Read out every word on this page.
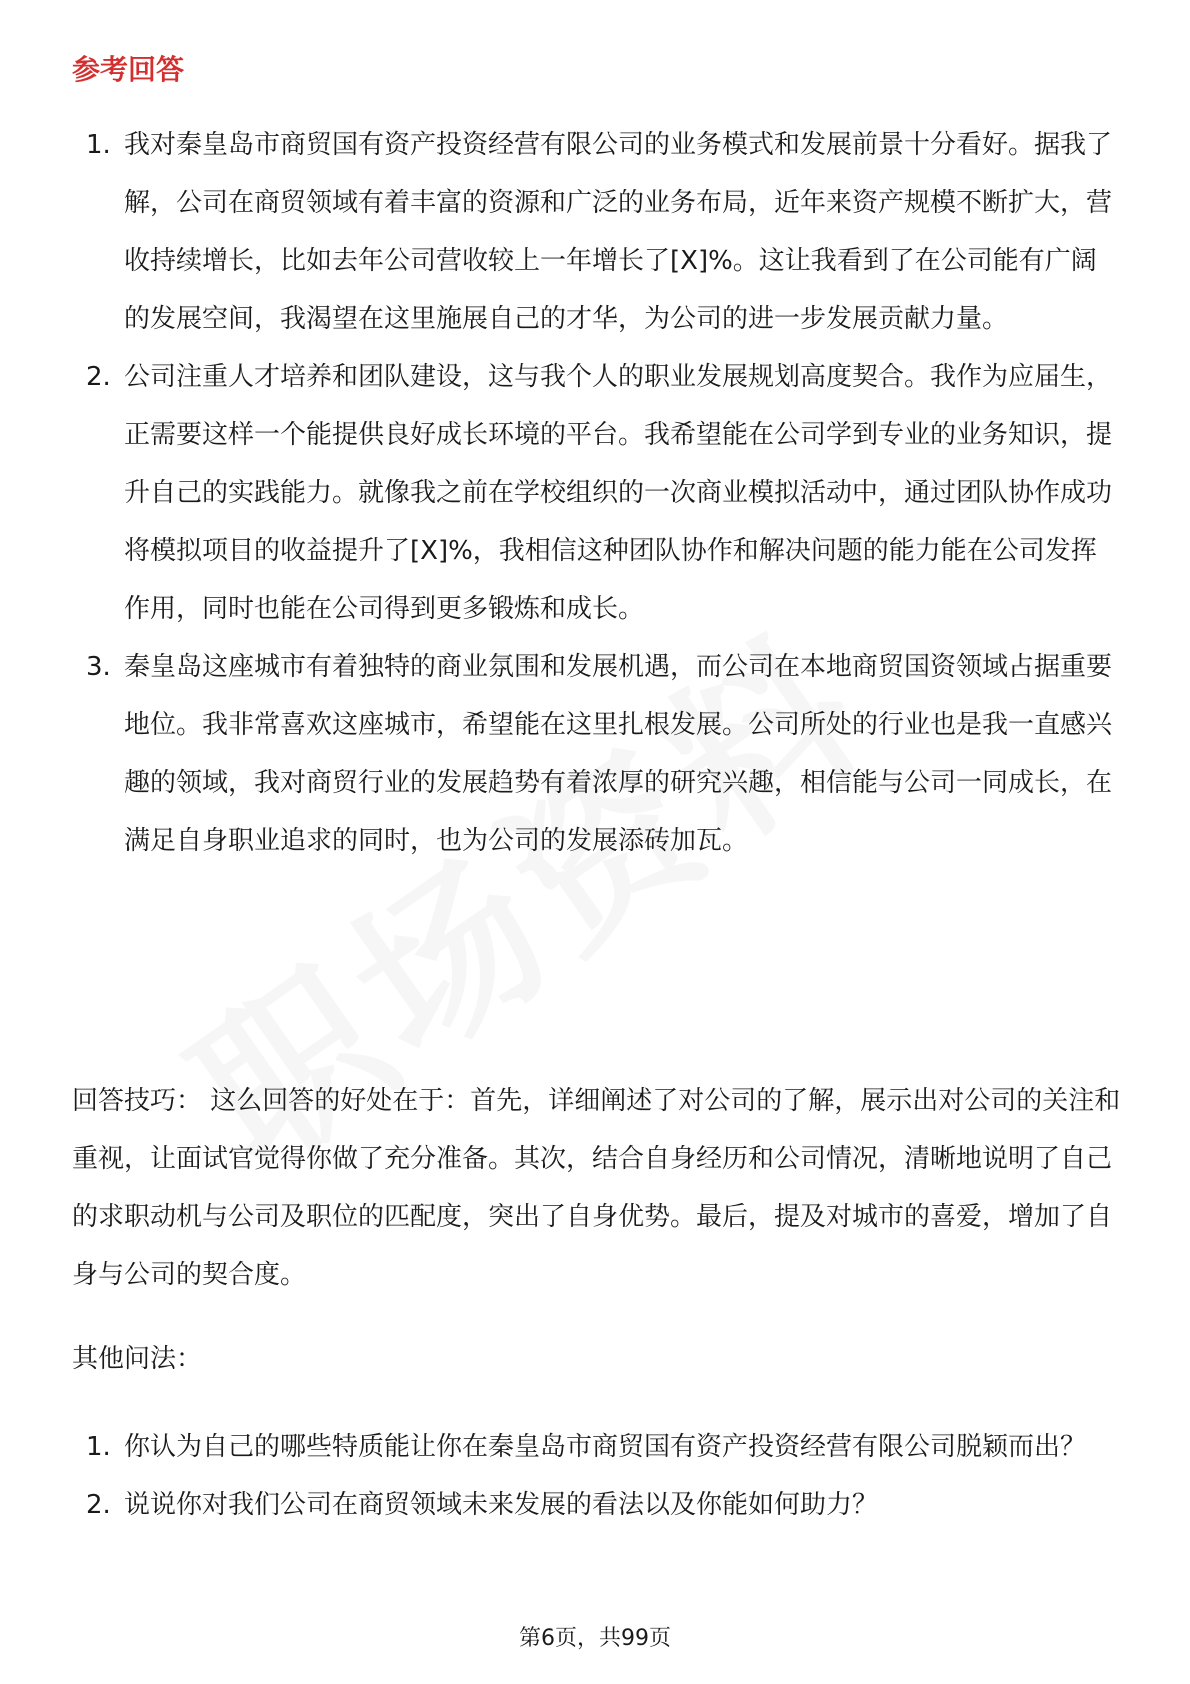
参考回答
1. 我对秦皇岛市商贸国有资产投资经营有限公司的业务模式和发展前景十分看好。据我了解，公司在商贸领域有着丰富的资源和广泛的业务布局，近年来资产规模不断扩大，营收持续增长，比如去年公司营收较上一年增长了[X]%。这让我看到了在公司能有广阔的发展空间，我渴望在这里施展自己的才华，为公司的进一步发展贡献力量。
2. 公司注重人才培养和团队建设，这与我个人的职业发展规划高度契合。我作为应届生，正需要这样一个能提供良好成长环境的平台。我希望能在公司学到专业的业务知识，提升自己的实践能力。就像我之前在学校组织的一次商业模拟活动中，通过团队协作成功将模拟项目的收益提升了[X]%，我相信这种团队协作和解决问题的能力能在公司发挥作用，同时也能在公司得到更多锻炼和成长。
3. 秦皇岛这座城市有着独特的商业氛围和发展机遇，而公司在本地商贸国资领域占据重要地位。我非常喜欢这座城市，希望能在这里扎根发展。公司所处的行业也是我一直感兴趣的领域，我对商贸行业的发展趋势有着浓厚的研究兴趣，相信能与公司一同成长，在满足自身职业追求的同时，也为公司的发展添砖加瓦。

回答技巧： 这么回答的好处在于：首先，详细阐述了对公司的了解，展示出对公司的关注和重视，让面试官觉得你做了充分准备。其次，结合自身经历和公司情况，清晰地说明了自己的求职动机与公司及职位的匹配度，突出了自身优势。最后，提及对城市的喜爱，增加了自身与公司的契合度。

其他问法：

1. 你认为自己的哪些特质能让你在秦皇岛市商贸国有资产投资经营有限公司脱颖而出？
2. 说说你对我们公司在商贸领域未来发展的看法以及你能如何助力？
第6页，共99页
